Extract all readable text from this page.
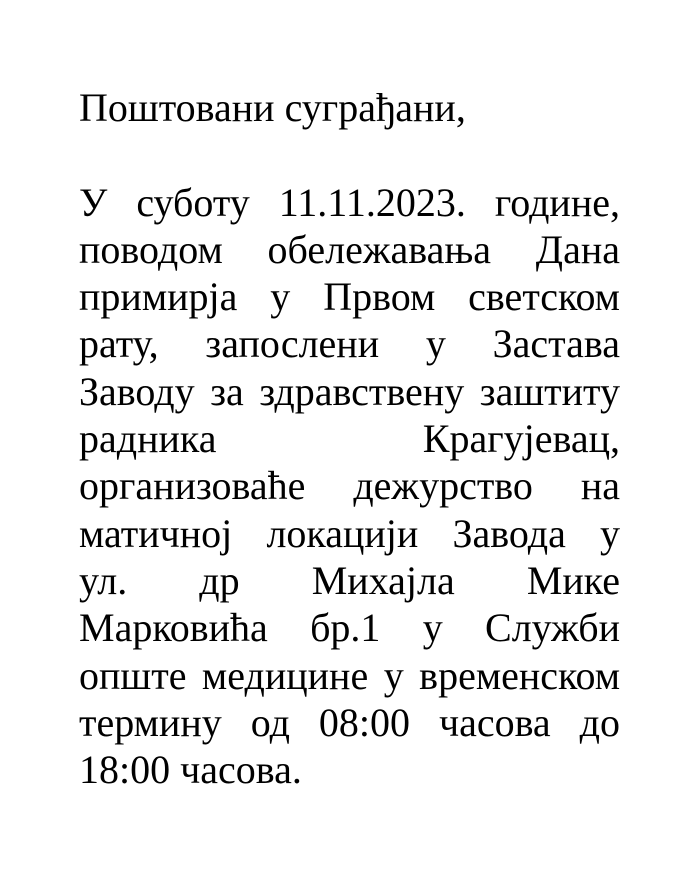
Поштовани суграђани,

У суботу 11.11.2023. године,
поводом обележавања Дана
примирја у Првом светском
рату, запослени у Застава
Заводу за здравствену заштиту
радника Крагујевац,
организоваће дежурство на
матичној локацији Завода у
ул. др Михајла Мике
Марковића бр.1 у Служби
опште медицине у временском
термину од 08:00 часова до
18:00 часова.
